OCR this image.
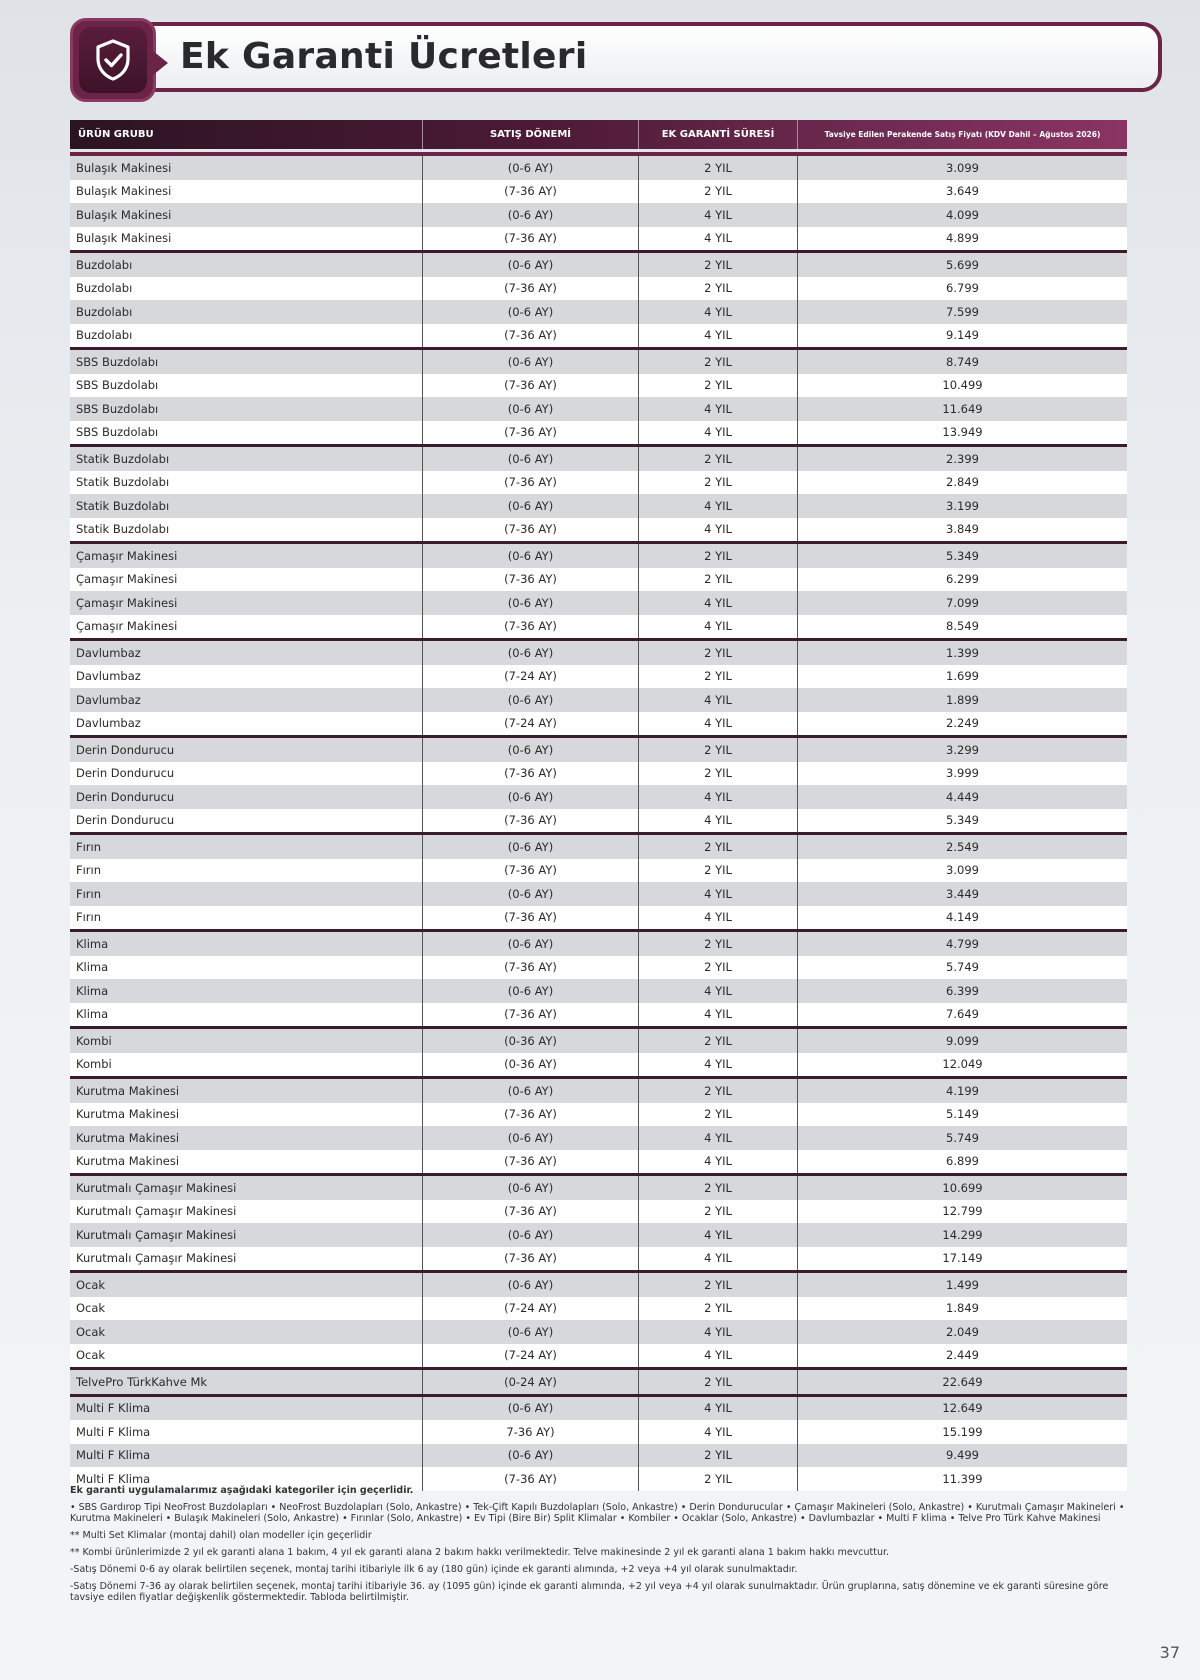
Ek Garanti Ücretleri
ÜRÜN GRUBU	SATIŞ DÖNEMİ	EK GARANTİ SÜRESİ	Tavsiye Edilen Perakende Satış Fiyatı (KDV Dahil – Ağustos 2026)
Bulaşık Makinesi	(0-6 AY)	2 YIL	3.099
Bulaşık Makinesi	(7-36 AY)	2 YIL	3.649
Bulaşık Makinesi	(0-6 AY)	4 YIL	4.099
Bulaşık Makinesi	(7-36 AY)	4 YIL	4.899
Buzdolabı	(0-6 AY)	2 YIL	5.699
Buzdolabı	(7-36 AY)	2 YIL	6.799
Buzdolabı	(0-6 AY)	4 YIL	7.599
Buzdolabı	(7-36 AY)	4 YIL	9.149
SBS Buzdolabı	(0-6 AY)	2 YIL	8.749
SBS Buzdolabı	(7-36 AY)	2 YIL	10.499
SBS Buzdolabı	(0-6 AY)	4 YIL	11.649
SBS Buzdolabı	(7-36 AY)	4 YIL	13.949
Statik Buzdolabı	(0-6 AY)	2 YIL	2.399
Statik Buzdolabı	(7-36 AY)	2 YIL	2.849
Statik Buzdolabı	(0-6 AY)	4 YIL	3.199
Statik Buzdolabı	(7-36 AY)	4 YIL	3.849
Çamaşır Makinesi	(0-6 AY)	2 YIL	5.349
Çamaşır Makinesi	(7-36 AY)	2 YIL	6.299
Çamaşır Makinesi	(0-6 AY)	4 YIL	7.099
Çamaşır Makinesi	(7-36 AY)	4 YIL	8.549
Davlumbaz	(0-6 AY)	2 YIL	1.399
Davlumbaz	(7-24 AY)	2 YIL	1.699
Davlumbaz	(0-6 AY)	4 YIL	1.899
Davlumbaz	(7-24 AY)	4 YIL	2.249
Derin Dondurucu	(0-6 AY)	2 YIL	3.299
Derin Dondurucu	(7-36 AY)	2 YIL	3.999
Derin Dondurucu	(0-6 AY)	4 YIL	4.449
Derin Dondurucu	(7-36 AY)	4 YIL	5.349
Fırın	(0-6 AY)	2 YIL	2.549
Fırın	(7-36 AY)	2 YIL	3.099
Fırın	(0-6 AY)	4 YIL	3.449
Fırın	(7-36 AY)	4 YIL	4.149
Klima	(0-6 AY)	2 YIL	4.799
Klima	(7-36 AY)	2 YIL	5.749
Klima	(0-6 AY)	4 YIL	6.399
Klima	(7-36 AY)	4 YIL	7.649
Kombi	(0-36 AY)	2 YIL	9.099
Kombi	(0-36 AY)	4 YIL	12.049
Kurutma Makinesi	(0-6 AY)	2 YIL	4.199
Kurutma Makinesi	(7-36 AY)	2 YIL	5.149
Kurutma Makinesi	(0-6 AY)	4 YIL	5.749
Kurutma Makinesi	(7-36 AY)	4 YIL	6.899
Kurutmalı Çamaşır Makinesi	(0-6 AY)	2 YIL	10.699
Kurutmalı Çamaşır Makinesi	(7-36 AY)	2 YIL	12.799
Kurutmalı Çamaşır Makinesi	(0-6 AY)	4 YIL	14.299
Kurutmalı Çamaşır Makinesi	(7-36 AY)	4 YIL	17.149
Ocak	(0-6 AY)	2 YIL	1.499
Ocak	(7-24 AY)	2 YIL	1.849
Ocak	(0-6 AY)	4 YIL	2.049
Ocak	(7-24 AY)	4 YIL	2.449
TelvePro TürkKahve Mk	(0-24 AY)	2 YIL	22.649
Multi F Klima	(0-6 AY)	4 YIL	12.649
Multi F Klima	7-36 AY)	4 YIL	15.199
Multi F Klima	(0-6 AY)	2 YIL	9.499
Multi F Klima	(7-36 AY)	2 YIL	11.399
Ek garanti uygulamalarımız aşağıdaki kategoriler için geçerlidir.

• SBS Gardırop Tipi NeoFrost Buzdolapları • NeoFrost Buzdolapları (Solo, Ankastre) • Tek-Çift Kapılı Buzdolapları (Solo, Ankastre) • Derin Dondurucular • Çamaşır Makineleri (Solo, Ankastre) • Kurutmalı Çamaşır Makineleri • Kurutma Makineleri • Bulaşık Makineleri (Solo, Ankastre) • Fırınlar (Solo, Ankastre) • Ev Tipi (Bire Bir) Split Klimalar • Kombiler • Ocaklar (Solo, Ankastre) • Davlumbazlar • Multi F klima • Telve Pro Türk Kahve Makinesi

** Multi Set Klimalar (montaj dahil) olan modeller için geçerlidir

** Kombi ürünlerimizde 2 yıl ek garanti alana 1 bakım, 4 yıl ek garanti alana 2 bakım hakkı verilmektedir. Telve makinesinde 2 yıl ek garanti alana 1 bakım hakkı mevcuttur.

-Satış Dönemi 0-6 ay olarak belirtilen seçenek, montaj tarihi itibariyle ilk 6 ay (180 gün) içinde ek garanti alımında, +2 veya +4 yıl olarak sunulmaktadır.

-Satış Dönemi 7-36 ay olarak belirtilen seçenek, montaj tarihi itibariyle 36. ay (1095 gün) içinde ek garanti alımında, +2 yıl veya +4 yıl olarak sunulmaktadır. Ürün gruplarına, satış dönemine ve ek garanti süresine göre tavsiye edilen fiyatlar değişkenlik göstermektedir. Tabloda belirtilmiştir.

37
